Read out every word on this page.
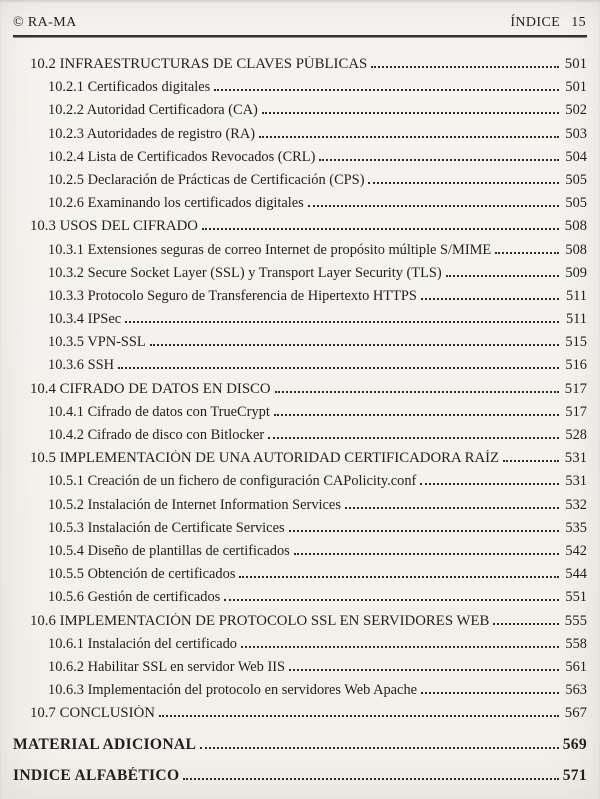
© RA-MA	ÍNDICE 15
10.2 INFRAESTRUCTURAS DE CLAVES PÚBLICAS	501
10.2.1 Certificados digitales	501
10.2.2 Autoridad Certificadora (CA)	502
10.2.3 Autoridades de registro (RA)	503
10.2.4 Lista de Certificados Revocados (CRL)	504
10.2.5 Declaración de Prácticas de Certificación (CPS)	505
10.2.6 Examinando los certificados digitales	505
10.3 USOS DEL CIFRADO	508
10.3.1 Extensiones seguras de correo Internet de propósito múltiple S/MIME	508
10.3.2 Secure Socket Layer (SSL) y Transport Layer Security (TLS)	509
10.3.3 Protocolo Seguro de Transferencia de Hipertexto HTTPS	511
10.3.4 IPSec	511
10.3.5 VPN-SSL	515
10.3.6 SSH	516
10.4 CIFRADO DE DATOS EN DISCO	517
10.4.1 Cifrado de datos con TrueCrypt	517
10.4.2 Cifrado de disco con Bitlocker	528
10.5 IMPLEMENTACIÓN DE UNA AUTORIDAD CERTIFICADORA RAÍZ	531
10.5.1 Creación de un fichero de configuración CAPolicity.conf	531
10.5.2 Instalación de Internet Information Services	532
10.5.3 Instalación de Certificate Services	535
10.5.4 Diseño de plantillas de certificados	542
10.5.5 Obtención de certificados	544
10.5.6 Gestión de certificados	551
10.6 IMPLEMENTACIÓN DE PROTOCOLO SSL EN SERVIDORES WEB	555
10.6.1 Instalación del certificado	558
10.6.2 Habilitar SSL en servidor Web IIS	561
10.6.3 Implementación del protocolo en servidores Web Apache	563
10.7 CONCLUSIÓN	567
MATERIAL ADICIONAL	569
INDICE ALFABÉTICO	571
